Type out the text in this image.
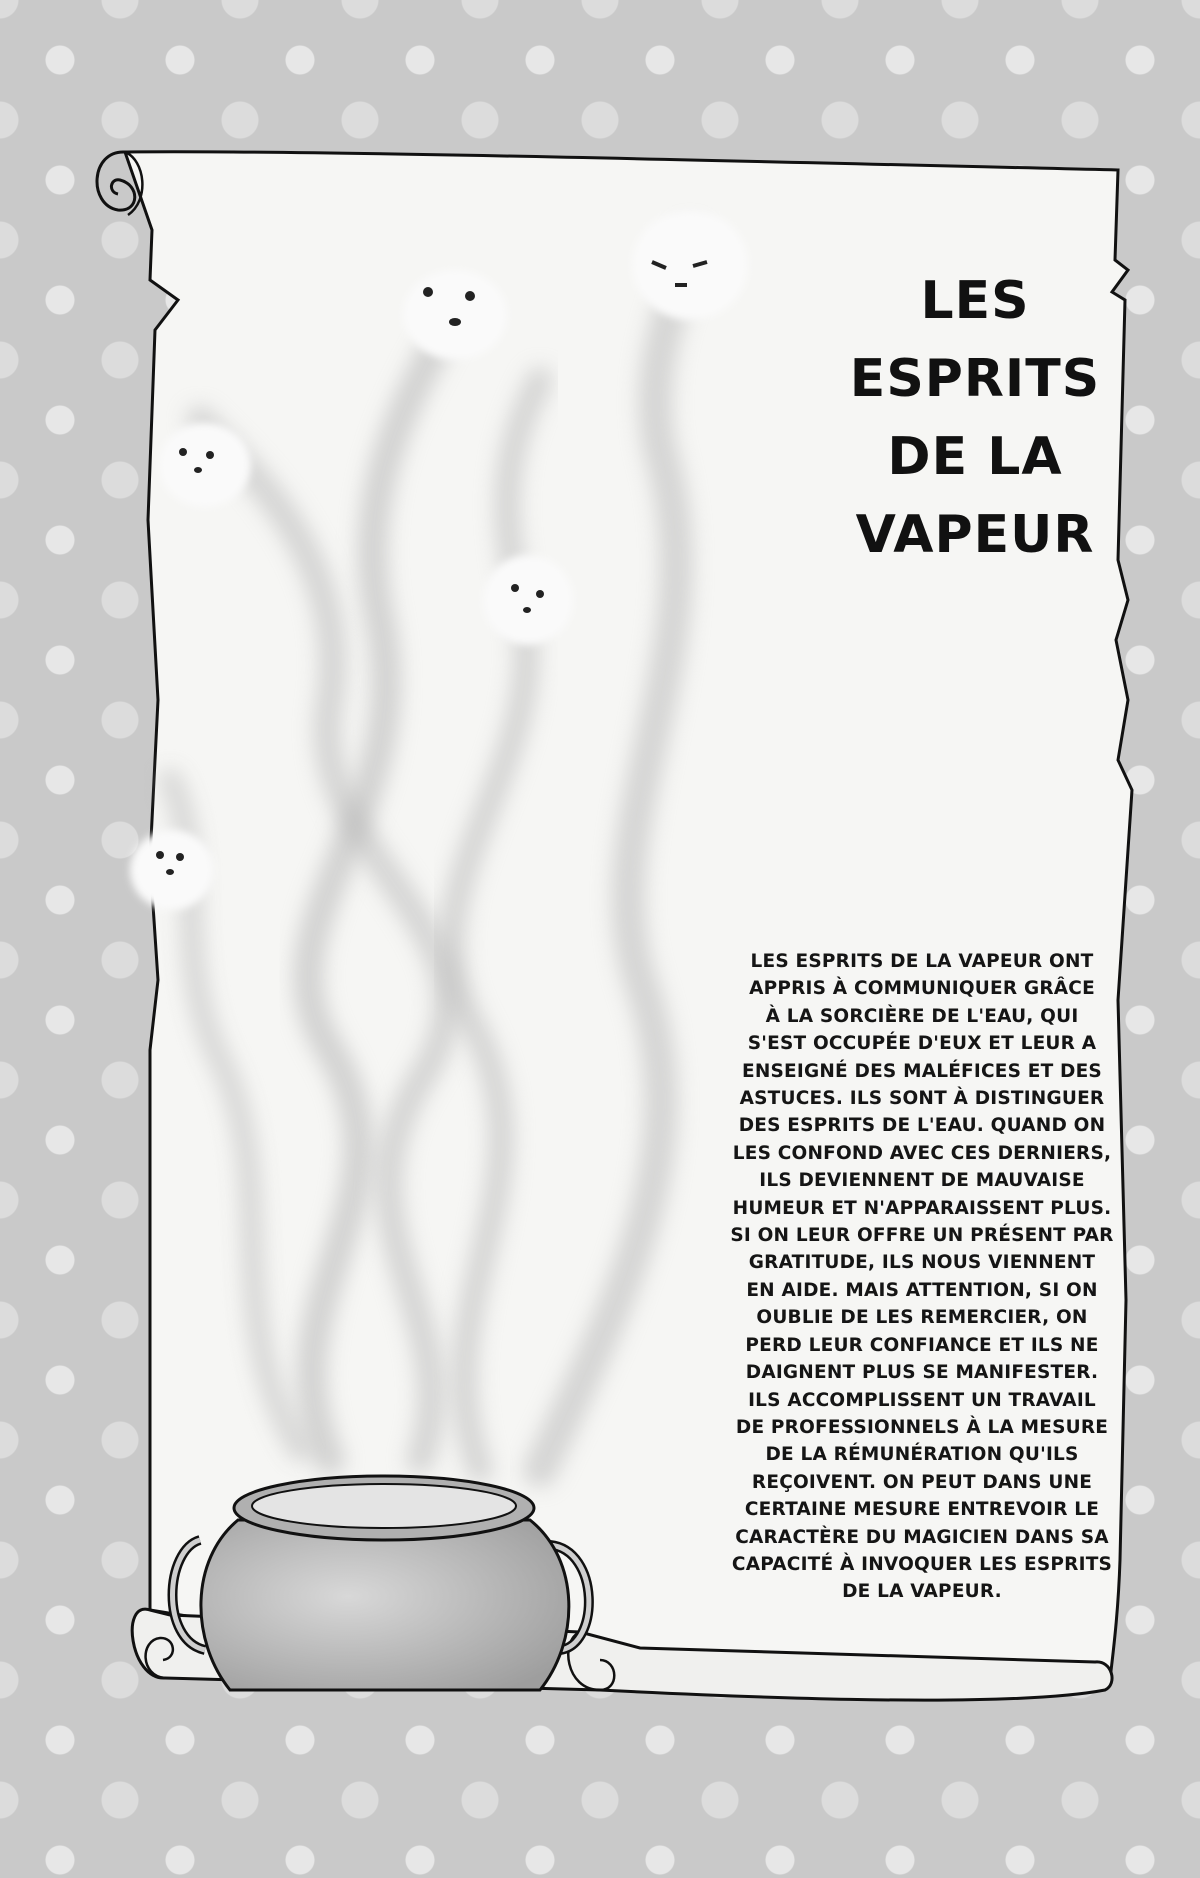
LES
ESPRITS
DE LA
VAPEUR
LES ESPRITS DE LA VAPEUR ONT
APPRIS À COMMUNIQUER GRÂCE
À LA SORCIÈRE DE L'EAU, QUI
S'EST OCCUPÉE D'EUX ET LEUR A
ENSEIGNÉ DES MALÉFICES ET DES
ASTUCES. ILS SONT À DISTINGUER
DES ESPRITS DE L'EAU. QUAND ON
LES CONFOND AVEC CES DERNIERS,
ILS DEVIENNENT DE MAUVAISE
HUMEUR ET N'APPARAISSENT PLUS.
SI ON LEUR OFFRE UN PRÉSENT PAR
GRATITUDE, ILS NOUS VIENNENT
EN AIDE. MAIS ATTENTION, SI ON
OUBLIE DE LES REMERCIER, ON
PERD LEUR CONFIANCE ET ILS NE
DAIGNENT PLUS SE MANIFESTER.
ILS ACCOMPLISSENT UN TRAVAIL
DE PROFESSIONNELS À LA MESURE
DE LA RÉMUNÉRATION QU'ILS
REÇOIVENT. ON PEUT DANS UNE
CERTAINE MESURE ENTREVOIR LE
CARACTÈRE DU MAGICIEN DANS SA
CAPACITÉ À INVOQUER LES ESPRITS
DE LA VAPEUR.
